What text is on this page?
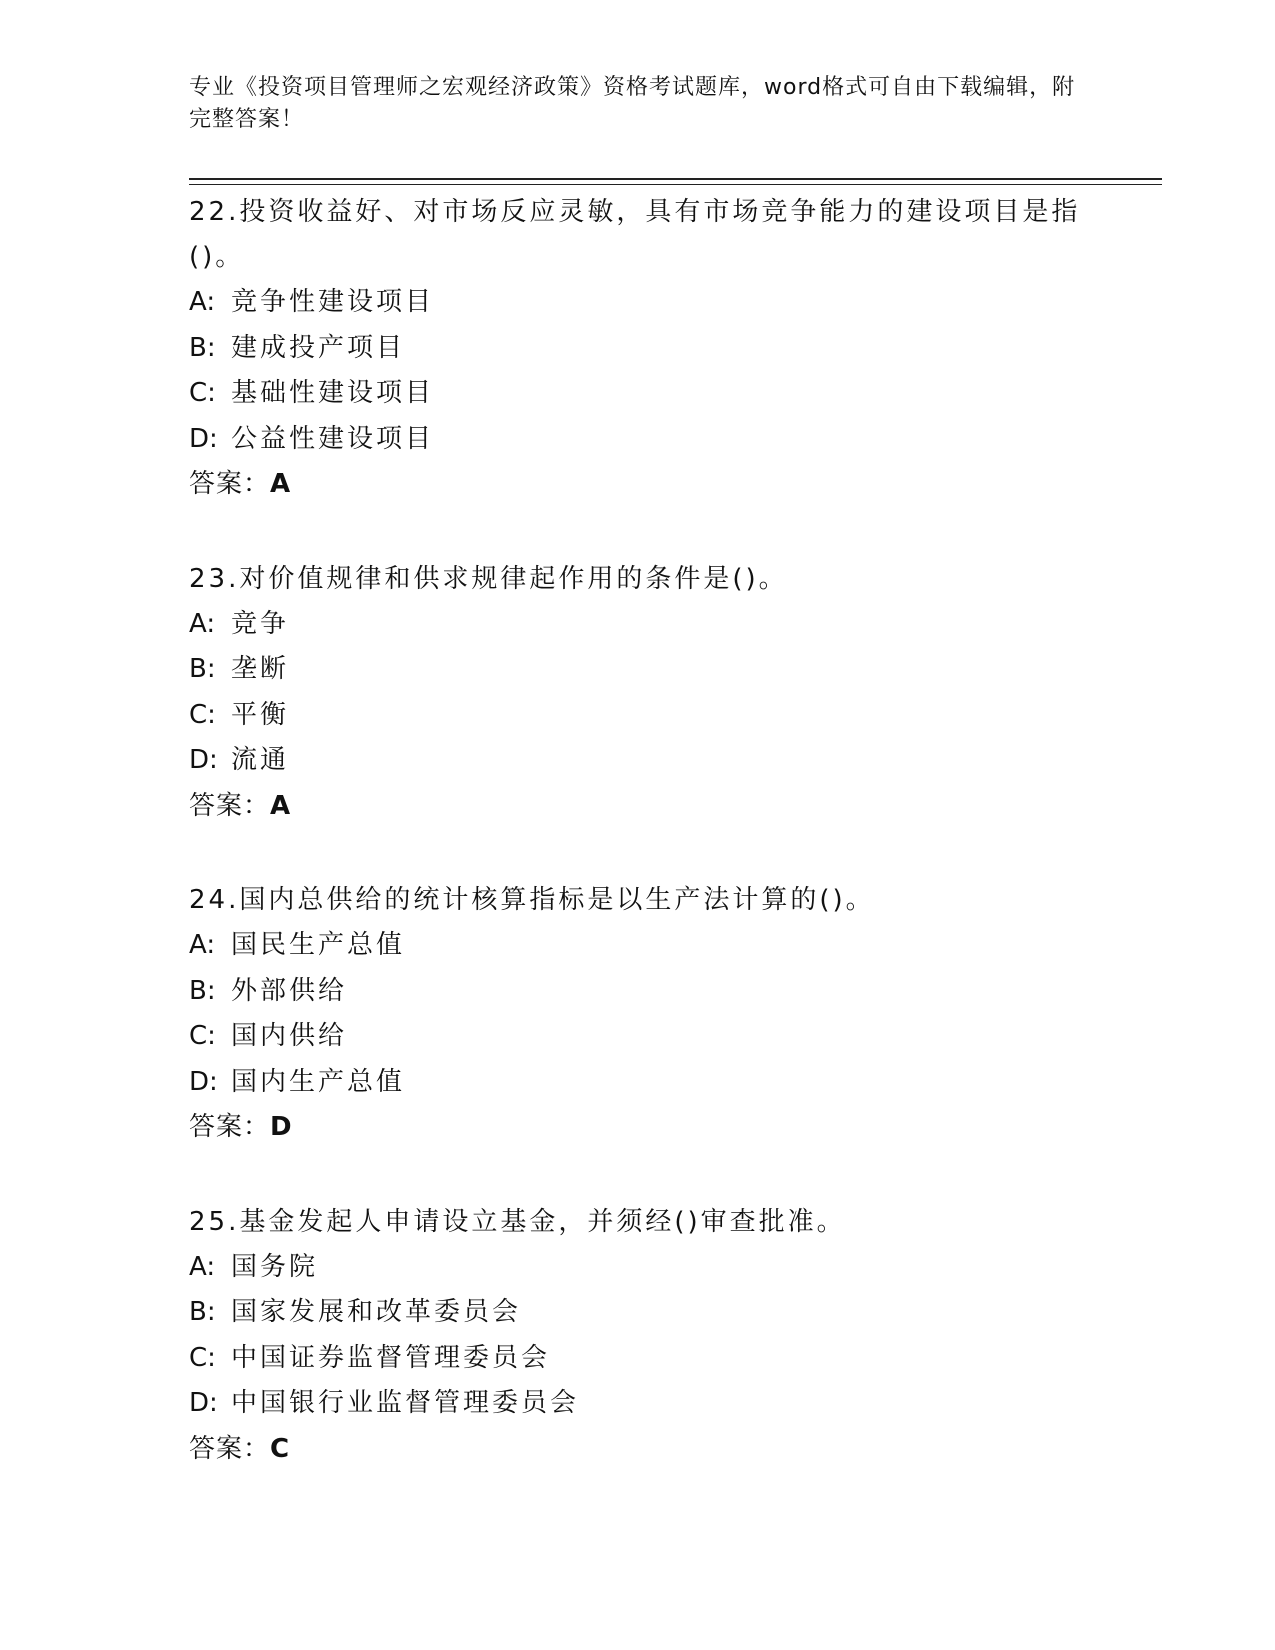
专业《投资项目管理师之宏观经济政策》资格考试题库，word格式可自由下载编辑，附完整答案！
22.投资收益好、对市场反应灵敏，具有市场竞争能力的建设项目是指()。
A: 竞争性建设项目
B: 建成投产项目
C: 基础性建设项目
D: 公益性建设项目
答案：A
23.对价值规律和供求规律起作用的条件是()。
A: 竞争
B: 垄断
C: 平衡
D: 流通
答案：A
24.国内总供给的统计核算指标是以生产法计算的()。
A: 国民生产总值
B: 外部供给
C: 国内供给
D: 国内生产总值
答案：D
25.基金发起人申请设立基金，并须经()审查批准。
A: 国务院
B: 国家发展和改革委员会
C: 中国证券监督管理委员会
D: 中国银行业监督管理委员会
答案：C
